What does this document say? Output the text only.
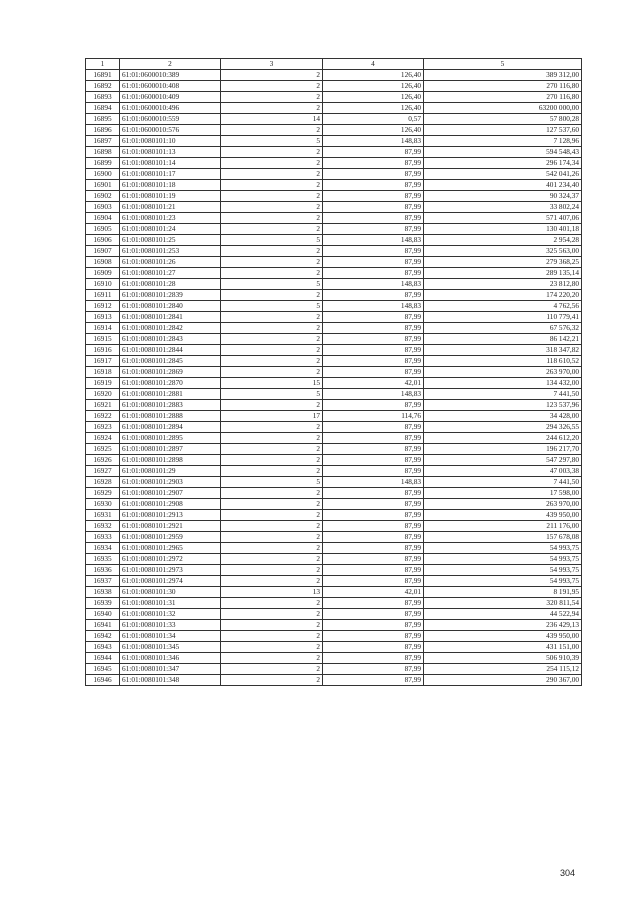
1	2	3	4	5
16891	61:01:0600010:389	2	126,40	389 312,00
16892	61:01:0600010:408	2	126,40	270 116,80
16893	61:01:0600010:409	2	126,40	270 116,80
16894	61:01:0600010:496	2	126,40	63200 000,00
16895	61:01:0600010:559	14	0,57	57 800,28
16896	61:01:0600010:576	2	126,40	127 537,60
16897	61:01:0080101:10	5	148,83	7 128,96
16898	61:01:0080101:13	2	87,99	594 548,43
16899	61:01:0080101:14	2	87,99	296 174,34
16900	61:01:0080101:17	2	87,99	542 041,26
16901	61:01:0080101:18	2	87,99	401 234,40
16902	61:01:0080101:19	2	87,99	90 324,37
16903	61:01:0080101:21	2	87,99	33 802,24
16904	61:01:0080101:23	2	87,99	571 407,06
16905	61:01:0080101:24	2	87,99	130 401,18
16906	61:01:0080101:25	5	148,83	2 954,28
16907	61:01:0080101:253	2	87,99	325 563,00
16908	61:01:0080101:26	2	87,99	279 368,25
16909	61:01:0080101:27	2	87,99	289 135,14
16910	61:01:0080101:28	5	148,83	23 812,80
16911	61:01:0080101:2839	2	87,99	174 220,20
16912	61:01:0080101:2840	5	148,83	4 762,56
16913	61:01:0080101:2841	2	87,99	110 779,41
16914	61:01:0080101:2842	2	87,99	67 576,32
16915	61:01:0080101:2843	2	87,99	86 142,21
16916	61:01:0080101:2844	2	87,99	318 347,82
16917	61:01:0080101:2845	2	87,99	118 610,52
16918	61:01:0080101:2869	2	87,99	263 970,00
16919	61:01:0080101:2870	15	42,01	134 432,00
16920	61:01:0080101:2881	5	148,83	7 441,50
16921	61:01:0080101:2883	2	87,99	123 537,96
16922	61:01:0080101:2888	17	114,76	34 428,00
16923	61:01:0080101:2894	2	87,99	294 326,55
16924	61:01:0080101:2895	2	87,99	244 612,20
16925	61:01:0080101:2897	2	87,99	196 217,70
16926	61:01:0080101:2898	2	87,99	547 297,80
16927	61:01:0080101:29	2	87,99	47 003,38
16928	61:01:0080101:2903	5	148,83	7 441,50
16929	61:01:0080101:2907	2	87,99	17 598,00
16930	61:01:0080101:2908	2	87,99	263 970,00
16931	61:01:0080101:2913	2	87,99	439 950,00
16932	61:01:0080101:2921	2	87,99	211 176,00
16933	61:01:0080101:2959	2	87,99	157 678,08
16934	61:01:0080101:2965	2	87,99	54 993,75
16935	61:01:0080101:2972	2	87,99	54 993,75
16936	61:01:0080101:2973	2	87,99	54 993,75
16937	61:01:0080101:2974	2	87,99	54 993,75
16938	61:01:0080101:30	13	42,01	8 191,95
16939	61:01:0080101:31	2	87,99	320 811,54
16940	61:01:0080101:32	2	87,99	44 522,94
16941	61:01:0080101:33	2	87,99	236 429,13
16942	61:01:0080101:34	2	87,99	439 950,00
16943	61:01:0080101:345	2	87,99	431 151,00
16944	61:01:0080101:346	2	87,99	506 910,39
16945	61:01:0080101:347	2	87,99	254 115,12
16946	61:01:0080101:348	2	87,99	290 367,00
304
